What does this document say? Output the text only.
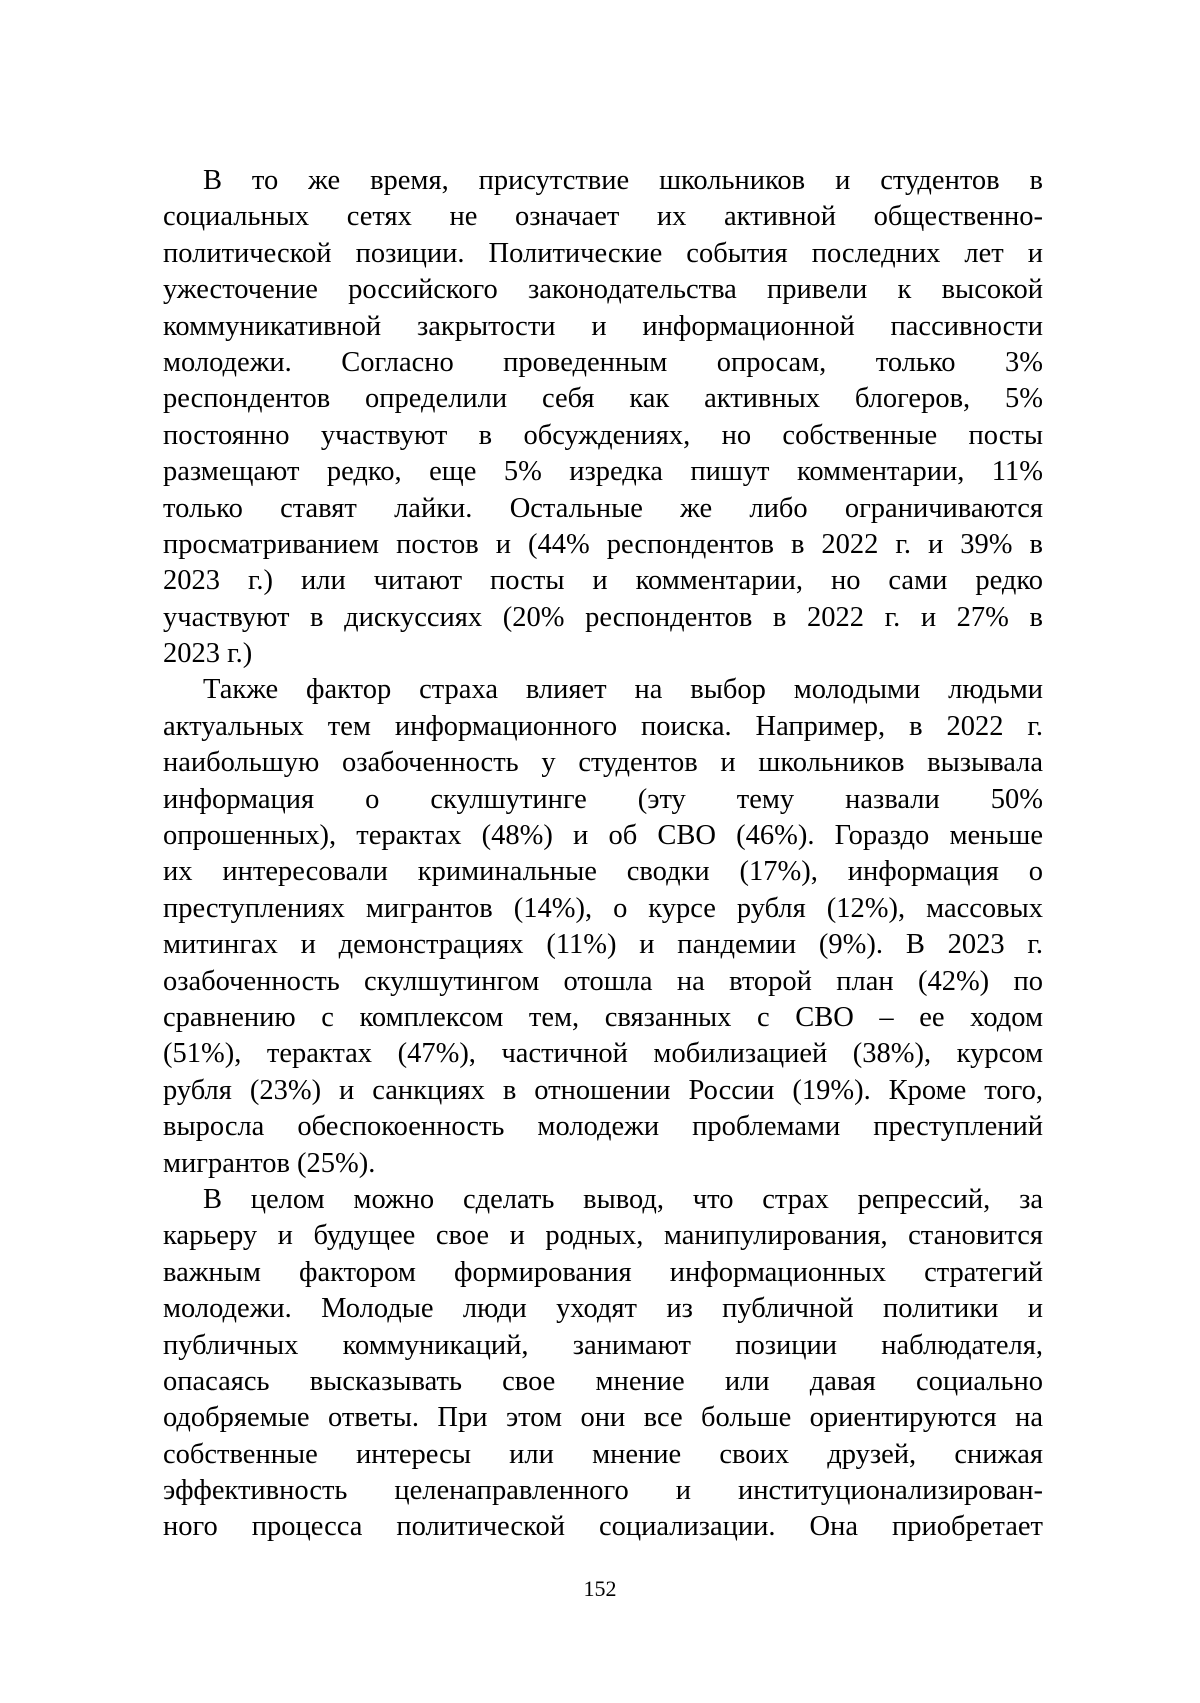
В то же время, присутствие школьников и студентов в
социальных сетях не означает их активной общественно-
политической позиции. Политические события последних лет и
ужесточение российского законодательства привели к высокой
коммуникативной закрытости и информационной пассивности
молодежи. Согласно проведенным опросам, только 3%
респондентов определили себя как активных блогеров, 5%
постоянно участвуют в обсуждениях, но собственные посты
размещают редко, еще 5% изредка пишут комментарии, 11%
только ставят лайки. Остальные же либо ограничиваются
просматриванием постов и (44% респондентов в 2022 г. и 39% в
2023 г.) или читают посты и комментарии, но сами редко
участвуют в дискуссиях (20% респондентов в 2022 г. и 27% в
2023 г.)
Также фактор страха влияет на выбор молодыми людьми
актуальных тем информационного поиска. Например, в 2022 г.
наибольшую озабоченность у студентов и школьников вызывала
информация о скулшутинге (эту тему назвали 50%
опрошенных), терактах (48%) и об СВО (46%). Гораздо меньше
их интересовали криминальные сводки (17%), информация о
преступлениях мигрантов (14%), о курсе рубля (12%), массовых
митингах и демонстрациях (11%) и пандемии (9%). В 2023 г.
озабоченность скулшутингом отошла на второй план (42%) по
сравнению с комплексом тем, связанных с СВО – ее ходом
(51%), терактах (47%), частичной мобилизацией (38%), курсом
рубля (23%) и санкциях в отношении России (19%). Кроме того,
выросла обеспокоенность молодежи проблемами преступлений
мигрантов (25%).
В целом можно сделать вывод, что страх репрессий, за
карьеру и будущее свое и родных, манипулирования, становится
важным фактором формирования информационных стратегий
молодежи. Молодые люди уходят из публичной политики и
публичных коммуникаций, занимают позиции наблюдателя,
опасаясь высказывать свое мнение или давая социально
одобряемые ответы. При этом они все больше ориентируются на
собственные интересы или мнение своих друзей, снижая
эффективность целенаправленного и институционализирован-
ного процесса политической социализации. Она приобретает
152
